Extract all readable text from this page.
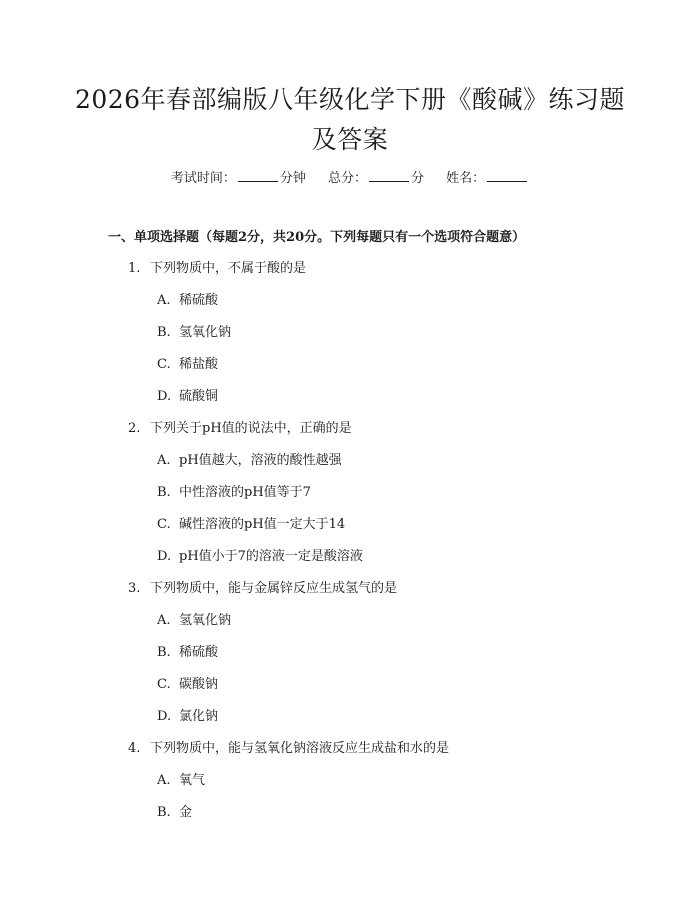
2026年春部编版八年级化学下册《酸碱》练习题及答案
考试时间：	分钟 总分：	分 姓名：
一、单项选择题（每题2分，共20分。下列每题只有一个选项符合题意）
1. 下列物质中，不属于酸的是
A. 稀硫酸
B. 氢氧化钠
C. 稀盐酸
D. 硫酸铜
2. 下列关于pH值的说法中，正确的是
A. pH值越大，溶液的酸性越强
B. 中性溶液的pH值等于7
C. 碱性溶液的pH值一定大于14
D. pH值小于7的溶液一定是酸溶液
3. 下列物质中，能与金属锌反应生成氢气的是
A. 氢氧化钠
B. 稀硫酸
C. 碳酸钠
D. 氯化钠
4. 下列物质中，能与氢氧化钠溶液反应生成盐和水的是
A. 氧气
B. 金
